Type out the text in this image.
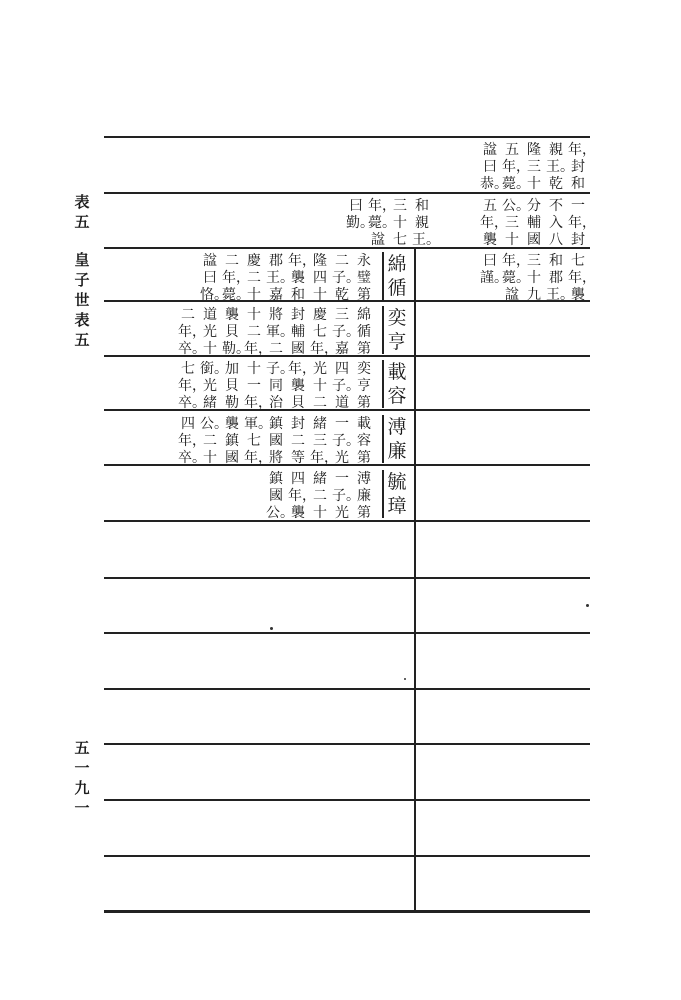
表五
皇子世表五
五一九一
年，封和
親王。乾
隆三十
五年，薨。
諡曰恭。
一年，封
不入八
分輔國
公。三十
五年，襲
七年，襲
和郡王。
三十九
年，薨。諡
曰謹。
和親王。
三十七
年，薨。諡
曰勤。
綿循
永璧第
二子。乾
隆四十
年，襲和
郡王。嘉
慶二十
二年，薨。
諡曰恪。
奕亨
綿循第
三子。嘉
慶七年，
封輔國
將軍。二
十二年，
襲貝勒。
道光十
二年，卒。
載容
奕亨第
四子。道
光十二
年，襲貝
子。同治
十一年，
加貝勒
銜。光緒
七年，卒。
溥廉
載容第
一子。光
緒三年，
封二等
鎮國將
軍。七年，
襲鎮國
公。二十
四年，卒。
毓璋
溥廉第
一子。光
緒二十
四年，襲
鎮國公。
